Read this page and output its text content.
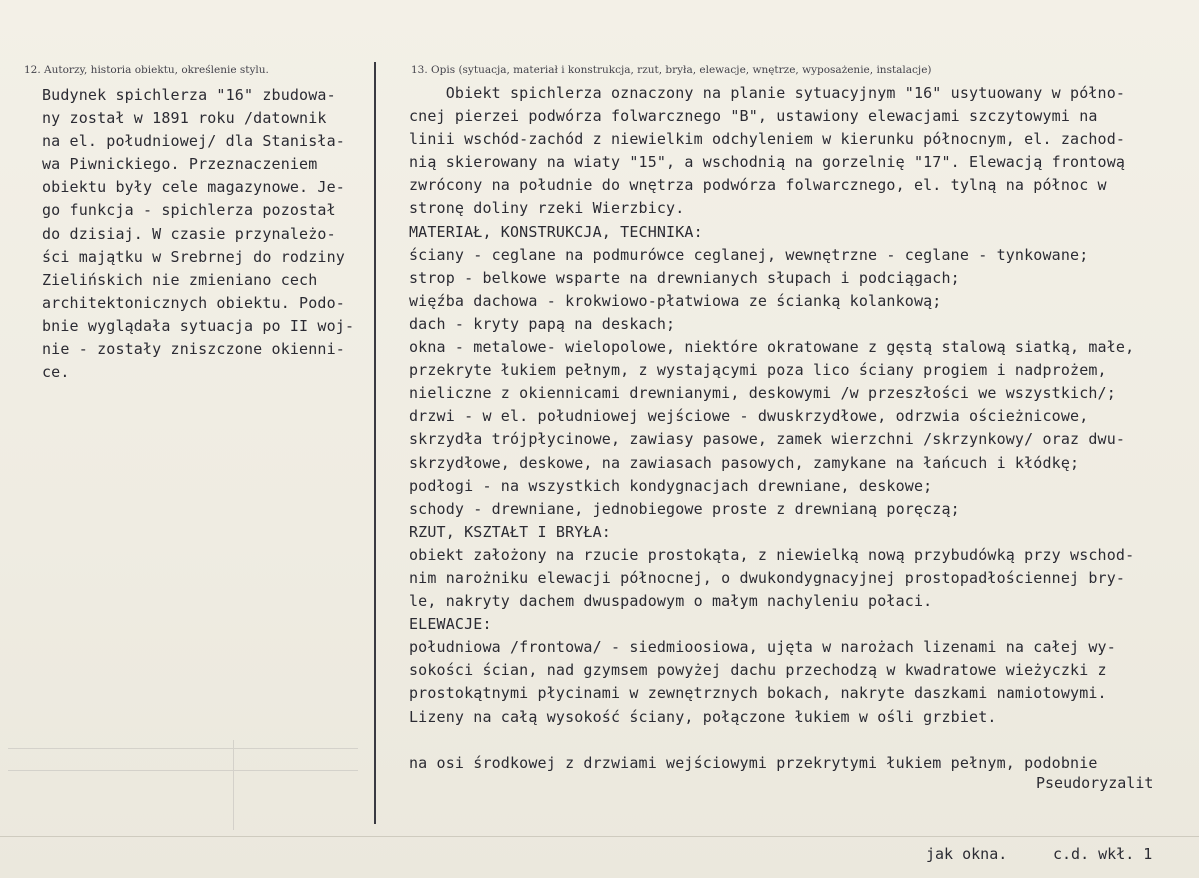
12. Autorzy, historia obiektu, określenie stylu.	13. Opis (sytuacja, materiał i konstrukcja, rzut, bryła, elewacje, wnętrze, wyposażenie, instalacje)
Budynek spichlerza "16" zbudowa-
ny został w 1891 roku /datownik
na el. południowej/ dla Stanisła-
wa Piwnickiego. Przeznaczeniem
obiektu były cele magazynowe. Je-
go funkcja - spichlerza pozostał
do dzisiaj. W czasie przynależo-
ści majątku w Srebrnej do rodziny
Zielińskich nie zmieniano cech
architektonicznych obiektu. Podo-
bnie wyglądała sytuacja po II woj-
nie - zostały zniszczone okienni-
ce.
Obiekt spichlerza oznaczony na planie sytuacyjnym "16" usytuowany w półno-
cnej pierzei podwórza folwarcznego "B", ustawiony elewacjami szczytowymi na
linii wschód-zachód z niewielkim odchyleniem w kierunku północnym, el. zachod-
nią skierowany na wiaty "15", a wschodnią na gorzelnię "17". Elewacją frontową
zwrócony na południe do wnętrza podwórza folwarcznego, el. tylną na północ w
stronę doliny rzeki Wierzbicy.
MATERIAŁ, KONSTRUKCJA, TECHNIKA:
ściany - ceglane na podmurówce ceglanej, wewnętrzne - ceglane - tynkowane;
strop - belkowe wsparte na drewnianych słupach i podciągach;
więźba dachowa - krokwiowo-płatwiowa ze ścianką kolankową;
dach - kryty papą na deskach;
okna - metalowe- wielopolowe, niektóre okratowane z gęstą stalową siatką, małe,
przekryte łukiem pełnym, z wystającymi poza lico ściany progiem i nadprożem,
nieliczne z okiennicami drewnianymi, deskowymi /w przeszłości we wszystkich/;
drzwi - w el. południowej wejściowe - dwuskrzydłowe, odrzwia ościeżnicowe,
skrzydła trójpłycinowe, zawiasy pasowe, zamek wierzchni /skrzynkowy/ oraz dwu-
skrzydłowe, deskowe, na zawiasach pasowych, zamykane na łańcuch i kłódkę;
podłogi - na wszystkich kondygnacjach drewniane, deskowe;
schody - drewniane, jednobiegowe proste z drewnianą poręczą;
RZUT, KSZTAŁT I BRYŁA:
obiekt założony na rzucie prostokąta, z niewielką nową przybudówką przy wschod-
nim narożniku elewacji północnej, o dwukondygnacyjnej prostopadłościennej bry-
le, nakryty dachem dwuspadowym o małym nachyleniu połaci.
ELEWACJE:
południowa /frontowa/ - siedmioosiowa, ujęta w narożach lizenami na całej wy-
sokości ścian, nad gzymsem powyżej dachu przechodzą w kwadratowe wieżyczki z
prostokątnymi płycinami w zewnętrznych bokach, nakryte daszkami namiotowymi.
Lizeny na całą wysokość ściany, połączone łukiem w ośli grzbiet.
na osi środkowej z drzwiami wejściowymi przekrytymi łukiem pełnym, podobnie
Pseudoryzalit
jak okna.	c.d. wkł. 1
